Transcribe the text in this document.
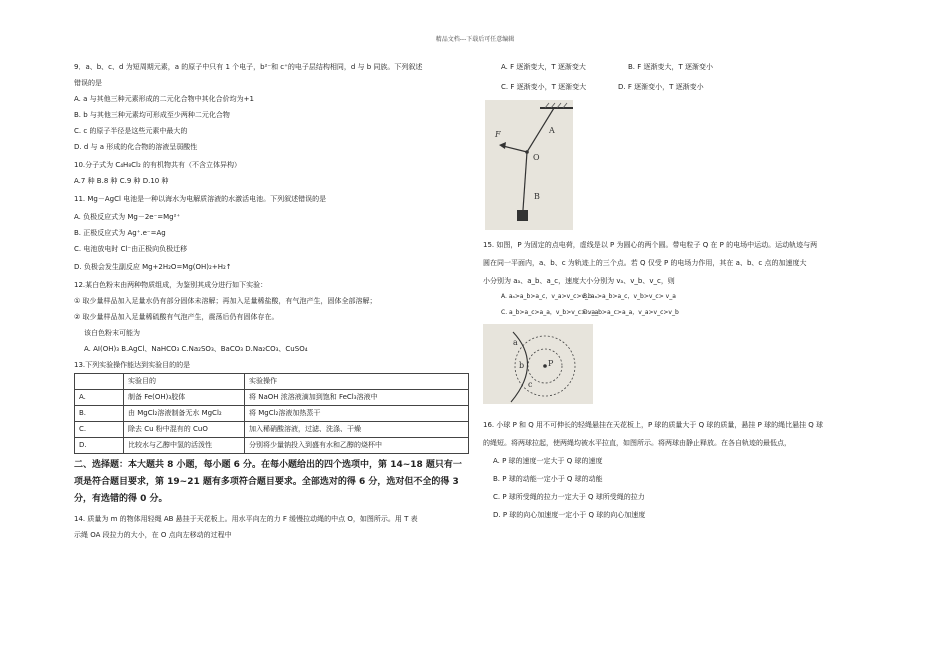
精品文档---下载后可任意编辑

9．a、b、c、d 为短周期元素，a 的原子中只有 1 个电子，b²⁻和 c⁺的电子层结构相同，d 与 b 同族。下列叙述

错误的是

A. a 与其他三种元素形成的二元化合物中其化合价均为+1

B. b 与其他三种元素均可形成至少两种二元化合物

C. c 的原子半径是这些元素中最大的

D. d 与 a 形成的化合物的溶液呈弱酸性

10.分子式为 C₄H₈Cl₂ 的有机物共有（不含立体异构）

A.7 种 B.8 种 C.9 种 D.10 种

11. Mg－AgCl 电池是一种以海水为电解质溶液的水激活电池。下列叙述错误的是

A. 负极反应式为 Mg－2e⁻=Mg²⁺

B. 正极反应式为 Ag⁺.e⁻=Ag

C. 电池放电时 Cl⁻由正极向负极迁移

D. 负极会发生副反应 Mg+2H₂O=Mg(OH)₂+H₂↑

12.某白色粉末由两种物质组成，为鉴别其成分进行如下实验：

① 取少量样品加入足量水仍有部分固体未溶解；再加入足量稀盐酸，有气泡产生，固体全部溶解；

② 取少量样品加入足量稀硫酸有气泡产生，震荡后仍有固体存在。

该白色粉末可能为

A. AI(OH)₃ B.AgCl、NaHCO₃ C.Na₂SO₃、BaCO₃ D.Na₂CO₃、CuSO₄

13.下列实验操作能达到实验目的的是

	实验目的	实验操作
A.	制备 Fe(OH)₃胶体	将 NaOH 浓溶液滴加到饱和 FeCl₃溶液中
B.	由 MgCl₂溶液制备无水 MgCl₂	将 MgCl₂溶液加热蒸干
C.	除去 Cu 粉中混有的 CuO	加入稀硝酸溶液，过滤、洗涤、干燥
D.	比较水与乙醇中氢的活泼性	分别将少量钠投入到盛有水和乙醇的烧杯中

二、选择题：本大题共 8 小题，每小题 6 分。在每小题给出的四个选项中，第 14~18 题只有一项是符合题目要求，第 19~21 题有多项符合题目要求。全部选对的得 6 分，选对但不全的得 3 分，有选错的得 0 分。

14. 质量为 m 的物体用轻绳 AB 悬挂于天花板上。用水平向左的力 F 缓慢拉动绳的中点 O，如图所示。用 T 表

示绳 OA 段拉力的大小，在 O 点向左移动的过程中

A. F 逐渐变大，T 逐渐变大	B. F 逐渐变大，T 逐渐变小
C. F 逐渐变小，T 逐渐变大	D. F 逐渐变小，T 逐渐变小
A
F
O
B

15. 如图，P 为固定的点电荷，虚线是以 P 为圆心的两个圆。带电粒子 Q 在 P 的电场中运动。运动轨迹与两

圆在同一平面内，a、b、c 为轨迹上的三个点。若 Q 仅受 P 的电场力作用，其在 a、b、c 点的加速度大

小分别为 aₐ、a_b、a_c，速度大小分别为 vₐ、v_b、v_c，则

A. aₐ>a_b>a_c，v_a>v_c>v_b
B. aₐ>a_b>a_c，v_b>v_c> v_a
C. a_b>a_c>a_a，v_b>v_c> v_a
D. a_b>a_c>a_a，v_a>v_c>v_b
a
b	P
c

16. 小球 P 和 Q 用不可伸长的轻绳悬挂在天花板上，P 球的质量大于 Q 球的质量，悬挂 P 球的绳比悬挂 Q 球

的绳短。将两球拉起，使两绳均被水平拉直，如图所示。将两球由静止释放。在各自轨迹的最低点，

A. P 球的速度一定大于 Q 球的速度

B. P 球的动能一定小于 Q 球的动能

C. P 球所受绳的拉力一定大于 Q 球所受绳的拉力

D. P 球的向心加速度一定小于 Q 球的向心加速度
